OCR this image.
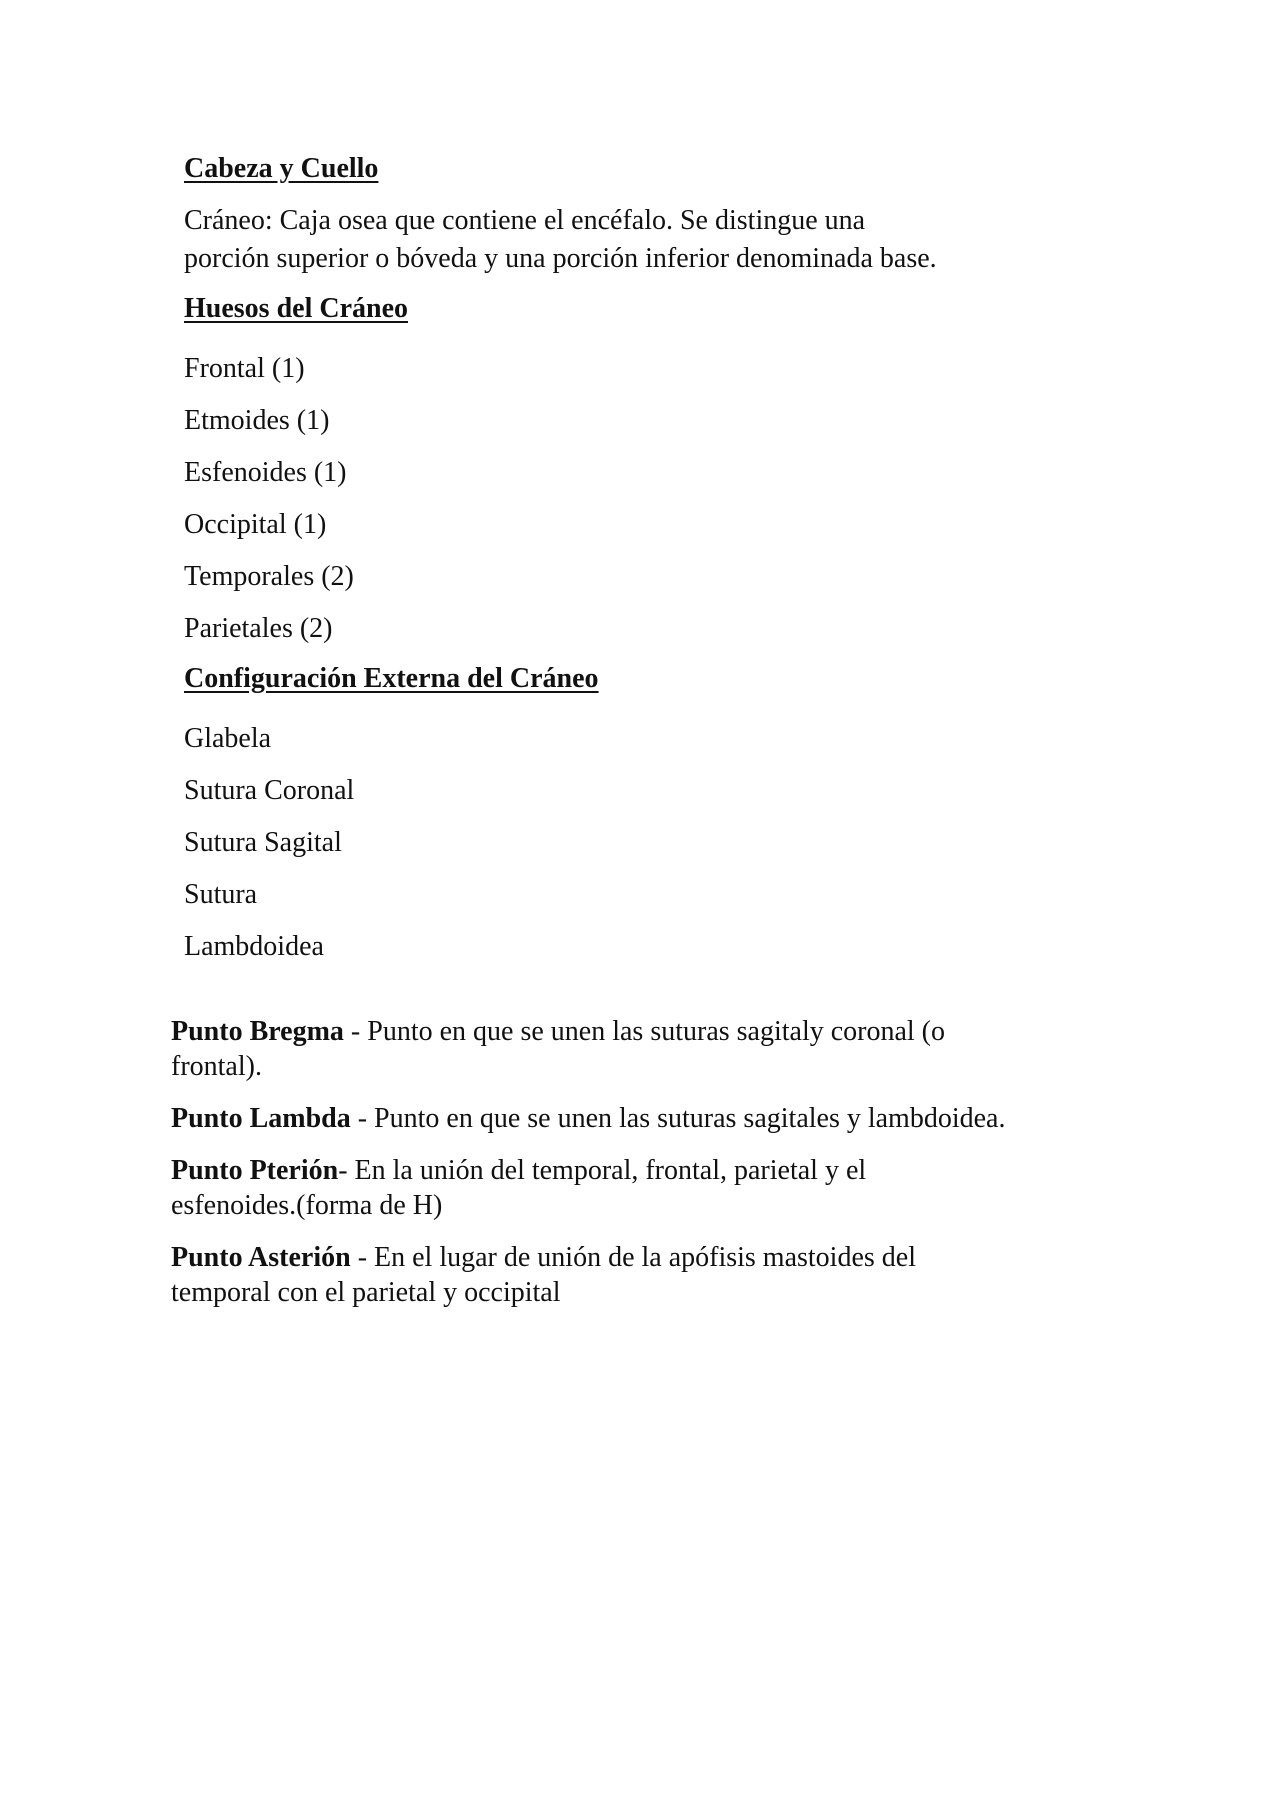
Cabeza y Cuello

Cráneo: Caja osea que contiene el encéfalo. Se distingue una
porción superior o bóveda y una porción inferior denominada base.

Huesos del Cráneo

Frontal (1)

Etmoides (1)

Esfenoides (1)

Occipital (1)

Temporales (2)

Parietales (2)

Configuración Externa del Cráneo

Glabela

Sutura Coronal

Sutura Sagital

Sutura

Lambdoidea

Punto Bregma - Punto en que se unen las suturas sagitaly coronal (o
frontal).

Punto Lambda - Punto en que se unen las suturas sagitales y lambdoidea.

Punto Pterión- En la unión del temporal, frontal, parietal y el
esfenoides.(forma de H)

Punto Asterión - En el lugar de unión de la apófisis mastoides del
temporal con el parietal y occipital
